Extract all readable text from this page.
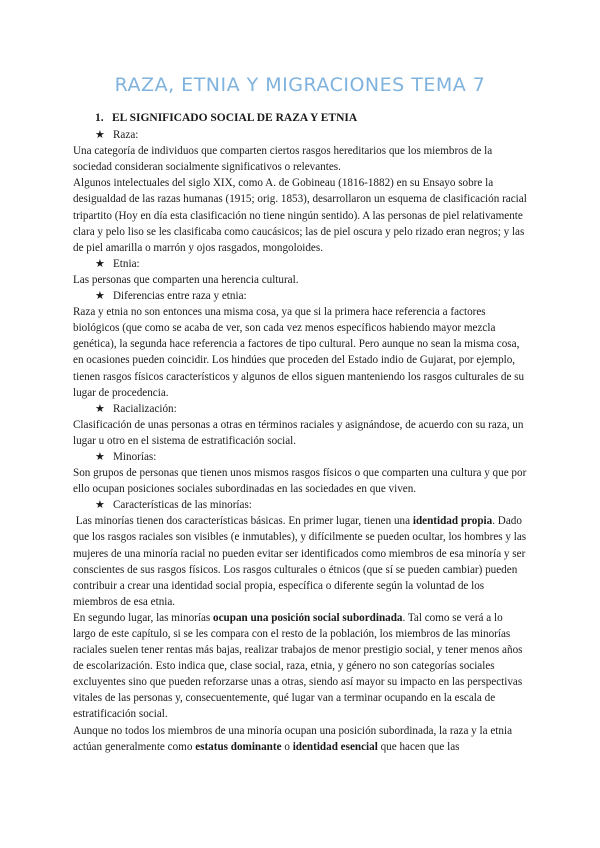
RAZA, ETNIA Y MIGRACIONES TEMA 7
1. EL SIGNIFICADO SOCIAL DE RAZA Y ETNIA
★ Raza:

Una categoría de individuos que comparten ciertos rasgos hereditarios que los miembros de la sociedad consideran socialmente significativos o relevantes.

Algunos intelectuales del siglo XIX, como A. de Gobineau (1816-1882) en su Ensayo sobre la desigualdad de las razas humanas (1915; orig. 1853), desarrollaron un esquema de clasificación racial tripartito (Hoy en día esta clasificación no tiene ningún sentido). A las personas de piel relativamente clara y pelo liso se les clasificaba como caucásicos; las de piel oscura y pelo rizado eran negros; y las de piel amarilla o marrón y ojos rasgados, mongoloides.

★ Etnia:

Las personas que comparten una herencia cultural.

★ Diferencias entre raza y etnia:

Raza y etnia no son entonces una misma cosa, ya que si la primera hace referencia a factores biológicos (que como se acaba de ver, son cada vez menos específicos habiendo mayor mezcla genética), la segunda hace referencia a factores de tipo cultural. Pero aunque no sean la misma cosa, en ocasiones pueden coincidir. Los hindúes que proceden del Estado indio de Gujarat, por ejemplo, tienen rasgos físicos característicos y algunos de ellos siguen manteniendo los rasgos culturales de su lugar de procedencia.

★ Racialización:

Clasificación de unas personas a otras en términos raciales y asignándose, de acuerdo con su raza, un lugar u otro en el sistema de estratificación social.

★ Minorías:

Son grupos de personas que tienen unos mismos rasgos físicos o que comparten una cultura y que por ello ocupan posiciones sociales subordinadas en las sociedades en que viven.

★ Características de las minorías:

Las minorías tienen dos características básicas. En primer lugar, tienen una identidad propia. Dado que los rasgos raciales son visibles (e inmutables), y difícilmente se pueden ocultar, los hombres y las mujeres de una minoría racial no pueden evitar ser identificados como miembros de esa minoría y ser conscientes de sus rasgos físicos. Los rasgos culturales o étnicos (que sí se pueden cambiar) pueden contribuir a crear una identidad social propia, específica o diferente según la voluntad de los miembros de esa etnia.

En segundo lugar, las minorías ocupan una posición social subordinada. Tal como se verá a lo largo de este capítulo, si se les compara con el resto de la población, los miembros de las minorías raciales suelen tener rentas más bajas, realizar trabajos de menor prestigio social, y tener menos años de escolarización. Esto indica que, clase social, raza, etnia, y género no son categorías sociales excluyentes sino que pueden reforzarse unas a otras, siendo así mayor su impacto en las perspectivas vitales de las personas y, consecuentemente, qué lugar van a terminar ocupando en la escala de estratificación social.

Aunque no todos los miembros de una minoría ocupan una posición subordinada, la raza y la etnia actúan generalmente como estatus dominante o identidad esencial que hacen que las
